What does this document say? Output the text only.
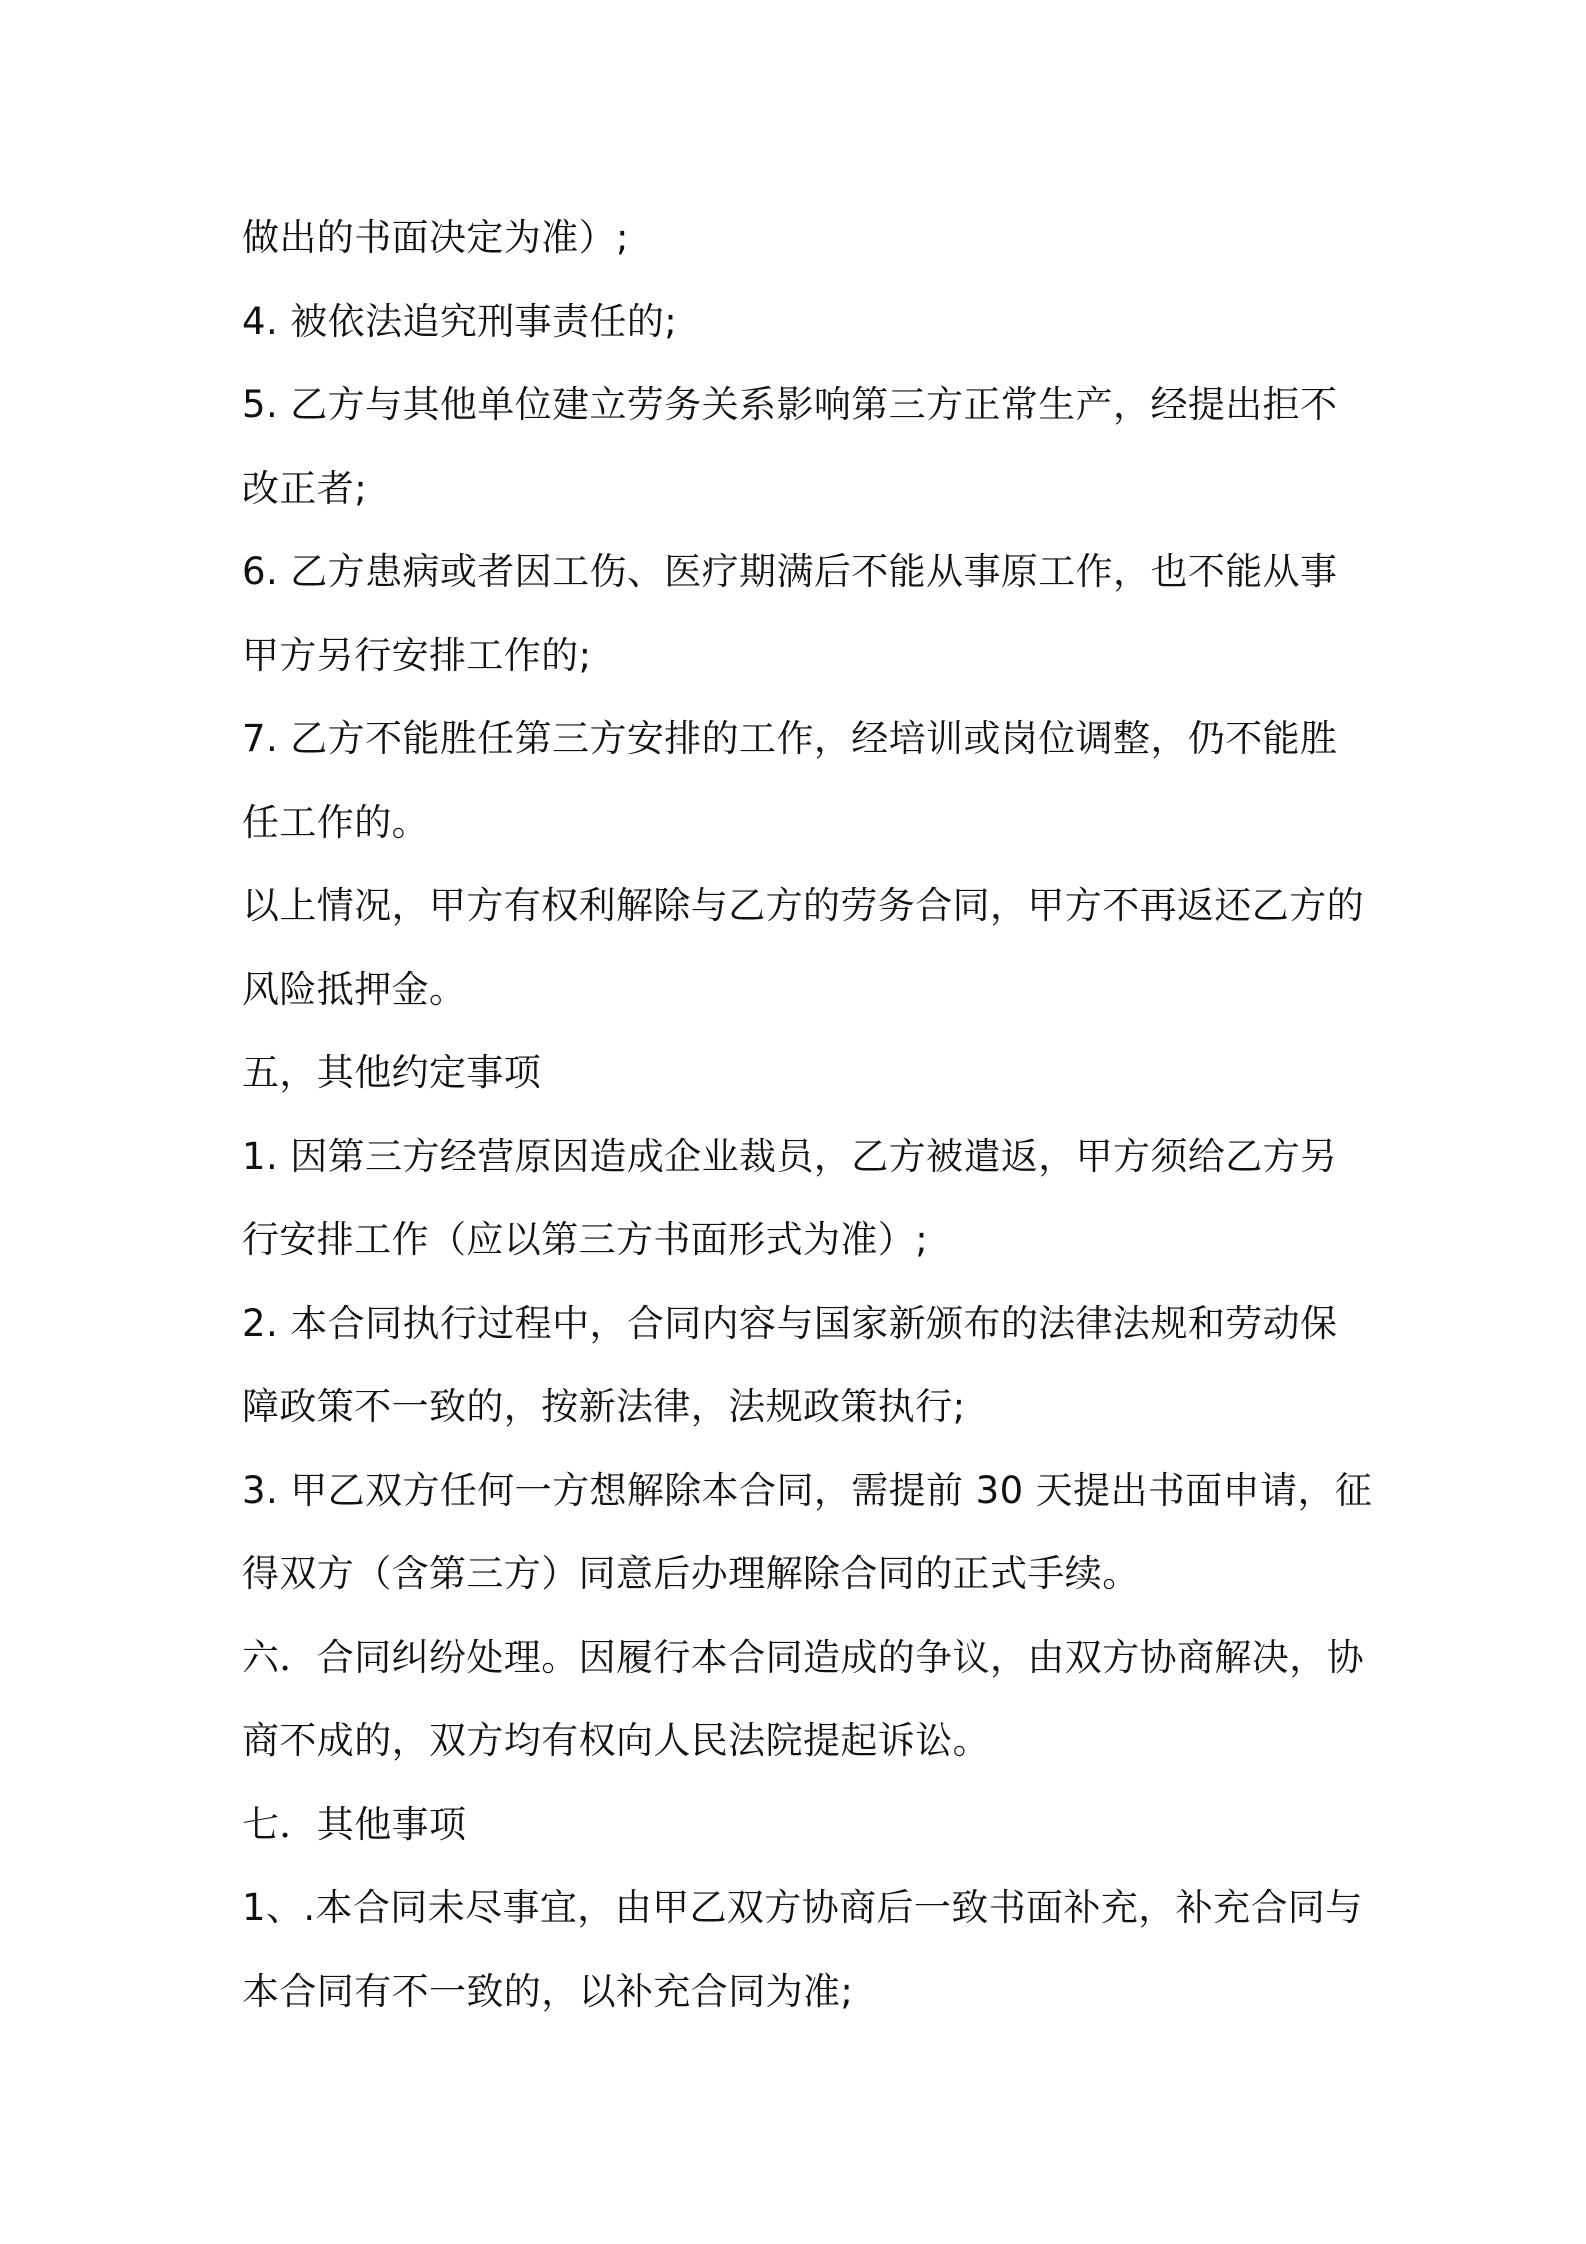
做出的书面决定为准）;
4. 被依法追究刑事责任的;
5. 乙方与其他单位建立劳务关系影响第三方正常生产，经提出拒不
改正者;
6. 乙方患病或者因工伤、医疗期满后不能从事原工作，也不能从事
甲方另行安排工作的;
7. 乙方不能胜任第三方安排的工作，经培训或岗位调整，仍不能胜
任工作的。
以上情况，甲方有权利解除与乙方的劳务合同，甲方不再返还乙方的
风险抵押金。
五，其他约定事项
1. 因第三方经营原因造成企业裁员，乙方被遣返，甲方须给乙方另
行安排工作（应以第三方书面形式为准）;
2. 本合同执行过程中，合同内容与国家新颁布的法律法规和劳动保
障政策不一致的，按新法律，法规政策执行;
3. 甲乙双方任何一方想解除本合同，需提前 30 天提出书面申请，征
得双方（含第三方）同意后办理解除合同的正式手续。
六．合同纠纷处理。因履行本合同造成的争议，由双方协商解决，协
商不成的，双方均有权向人民法院提起诉讼。
七．其他事项
1、.本合同未尽事宜，由甲乙双方协商后一致书面补充，补充合同与
本合同有不一致的，以补充合同为准;
